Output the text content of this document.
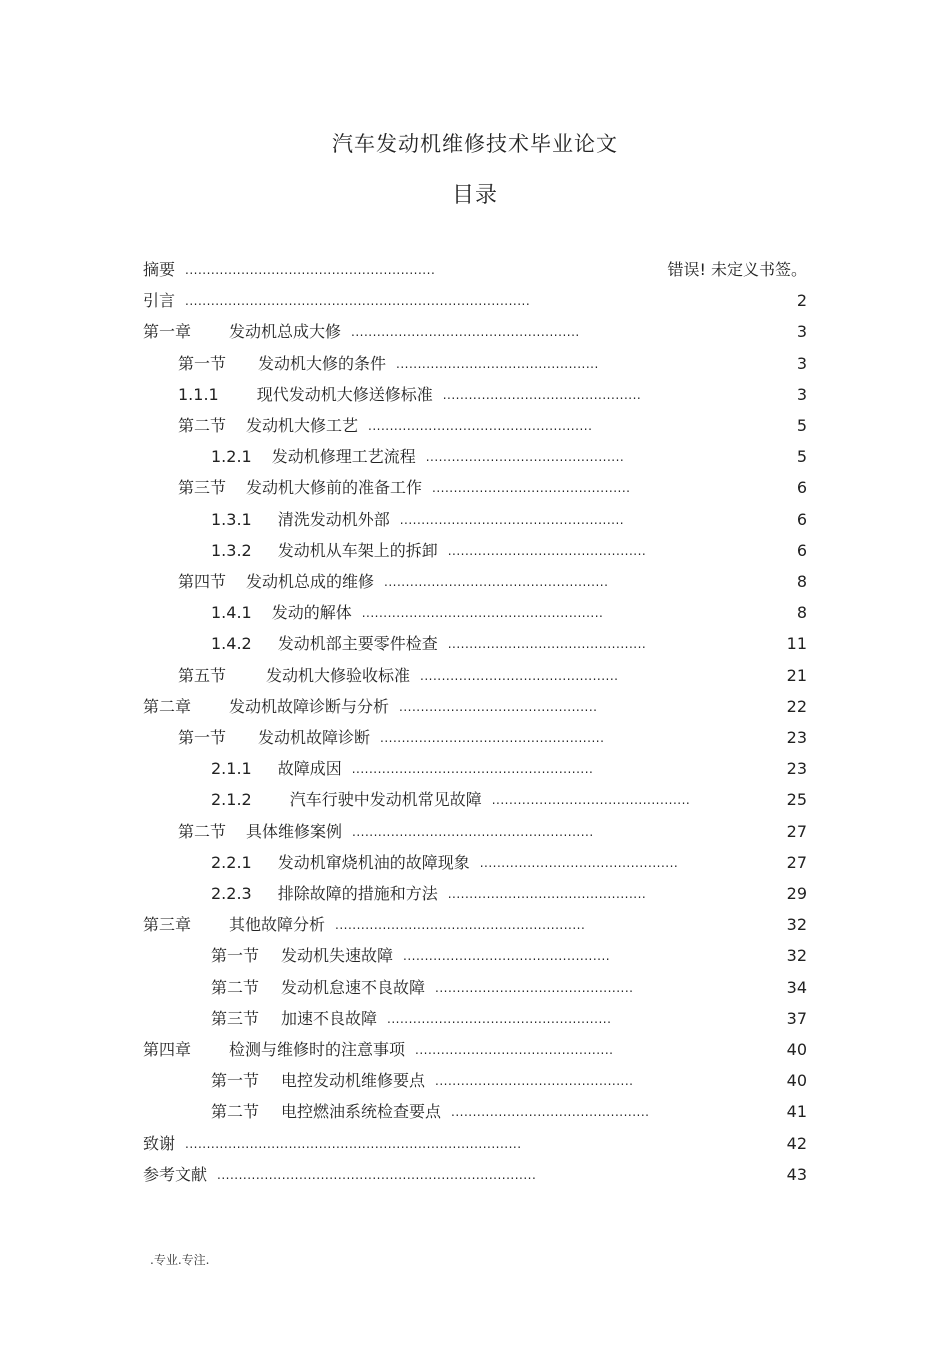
汽车发动机维修技术毕业论文
目录
摘要 ..........................................................	错误! 未定义书签。
引言 ................................................................................	2
第一章 发动机总成大修 .....................................................	3
第一节 发动机大修的条件 ...............................................	3
1.1.1 现代发动机大修送修标准 ..............................................	3
第二节 发动机大修工艺 ....................................................	5
1.2.1 发动机修理工艺流程 ..............................................	5
第三节 发动机大修前的准备工作 ..............................................	6
1.3.1 清洗发动机外部 ....................................................	6
1.3.2 发动机从车架上的拆卸 ..............................................	6
第四节 发动机总成的维修 ....................................................	8
1.4.1 发动的解体 ........................................................	8
1.4.2 发动机部主要零件检查 ..............................................	11
第五节	发动机大修验收标准 ..............................................	21
第二章 发动机故障诊断与分析 ..............................................	22
第一节 发动机故障诊断 ....................................................	23
2.1.1 故障成因 ........................................................	23
2.1.2 汽车行驶中发动机常见故障 ..............................................	25
第二节 具体维修案例 ........................................................	27
2.2.1 发动机窜烧机油的故障现象 ..............................................	27
2.2.3 排除故障的措施和方法 ..............................................	29
第三章 其他故障分析 ..........................................................	32
第一节 发动机失速故障 ................................................	32
第二节 发动机怠速不良故障 ..............................................	34
第三节 加速不良故障 ....................................................	37
第四章 检测与维修时的注意事项 ..............................................	40
第一节 电控发动机维修要点 ..............................................	40
第二节 电控燃油系统检查要点 ..............................................	41
致谢 ..............................................................................	42
参考文献 ..........................................................................	43
.专业.专注.
